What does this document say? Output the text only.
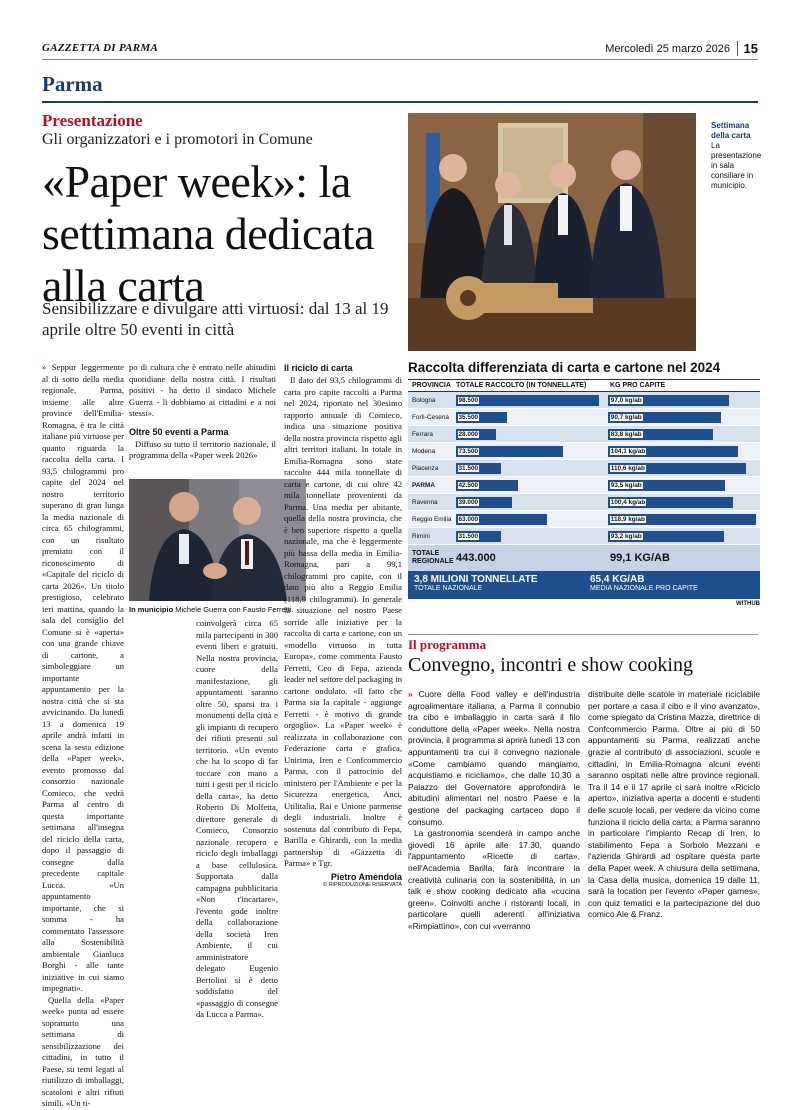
GAZZETTA DI PARMA	Mercoledì 25 marzo 2026	15
Parma
Presentazione
Gli organizzatori e i promotori in Comune
«Paper week»: la settimana dedicata alla carta
Sensibilizzare e divulgare atti virtuosi: dal 13 al 19 aprile oltre 50 eventi in città

» Seppur leggermente al di sotto della media regionale, Parma, insieme alle altre province dell'Emilia-Romagna, è tra le città italiane più virtuose per quanto riguarda la raccolta della carta. I 93,5 chilogrammi pro capite del 2024 nel nostro territorio superano di gran lunga la media nazionale di circa 65 chilogrammi, con un risultato premiato con il riconoscimento di «Capitale del riciclo di carta 2026». Un titolo prestigioso, celebrato ieri mattina, quando la sala del consiglio del Comune si è «aperta» con una grande chiave di cartone, a simboleggiare un importante appuntamento per la nostra città che si sta avvicinando. Da lunedì 13 a domenica 19 aprile andrà infatti in scena la sesta edizione della «Paper week», evento promosso dal consorzio nazionale Comieco, che vedrà Parma al centro di questa importante settimana all'insegna del riciclo della carta, dopo il passaggio di consegne dalla precedente capitale Lucca. «Un appuntamento importante, che si somma - ha commentato l'assessore alla Sostenibilità ambientale Gianluca Borghi - alle tante iniziative in cui siamo impegnati».

Quella della «Paper week» punta ad essere soprattutto una settimana di sensibilizzazione dei cittadini, in tutto il Paese, su temi legati al riutilizzo di imballaggi, scatoloni e altri rifiuti simili. «Un ti-

po di cultura che è entrato nelle abitudini quotidiane della nostra città. I risultati positivi - ha detto il sindaco Michele Guerra - li dobbiamo ai cittadini e a noi stessi».

Oltre 50 eventi a Parma

Diffuso su tutto il territorio nazionale, il programma della «Paper week 2026»

In municipio Michele Guerra con Fausto Ferretti.

coinvolgerà circa 65 mila partecipanti in 300 eventi liberi e gratuiti. Nella nostra provincia, cuore della manifestazione, gli appuntamenti saranno oltre 50, sparsi tra i monumenti della città e gli impianti di recupero dei rifiuti presenti sul territorio. «Un evento che ha lo scopo di far toccare con mano a tutti i gesti per il riciclo della carta», ha detto Roberto Di Molfetta, direttore generale di Comieco, Consorzio nazionale recupero e riciclo degli imballaggi a base cellulosica. Supportata dalla campagna pubblicitaria «Non t'incartare», l'evento gode inoltre della collaborazione della società Iren Ambiente, il cui amministratore delegato Eugenio Bertolini si è detto soddisfatto del «passaggio di consegne da Lucca a Parma».

Il riciclo di carta

Il dato dei 93,5 chilogrammi di carta pro capite raccolti a Parma nel 2024, riportato nel 30esimo rapporto annuale di Comieco, indica una situazione positiva della nostra provincia rispetto agli altri territori italiani. In totale in Emilia-Romagna sono state raccolte 444 mila tonnellate di carta e cartone, di cui oltre 42 mila tonnellate provenienti da Parma. Una media per abitante, quella della nostra provincia, che è ben superiore rispetto a quella nazionale, ma che è leggermente più bassa della media in Emilia-Romagna, pari a 99,1 chilogrammi pro capite, con il dato più alto a Reggio Emilia (118,9 chilogrammi). In generale la situazione nel nostro Paese sorride alle iniziative per la raccolta di carta e cartone, con un «modello virtuoso in tutta Europa», come commenta Fausto Ferretti, Ceo di Fepa, azienda leader nel settore del packaging in cartone ondulato. «Il fatto che Parma sia la capitale - aggiunge Ferretti - è motivo di grande orgoglio». La «Paper week» è realizzata in collaborazione con Federazione carta e grafica, Unirima, Iren e Confcommercio Parma, con il patrocinio del ministero per l'Ambiente e per la Sicurezza energetica, Anci, Utilitalia, Rai e Unione parmense degli industriali. Inoltre è sostenuta dal contributo di Fepa, Barilla e Ghirardi, con la media partnership di «Gazzetta di Parma» e Tgr.

Pietro Amendola

© RIPRODUZIONE RISERVATA

Settimana della carta
La presentazione in sala consiliare in municipio.
Raccolta differenziata di carta e cartone nel 2024
PROVINCIA TOTALE RACCOLTO (IN TONNELLATE)	KG PRO CAPITE
Bologna	98.500	97,0 kg/ab
Forlì-Cesena	35.500	90,7 kg/ab
Ferrara	28.000	83,8 kg/ab
Modena	73.500	104,1 kg/ab
Piacenza	31.500	110,6 kg/ab
PARMA	42.500	93,5 kg/ab
Ravenna	39.000	100,4 kg/ab
Reggio Emilia	63.000	118,9 kg/ab
Rimini	31.500	93,2 kg/ab
TOTALE REGIONALE 443.000	99,1 KG/AB
3,8 MILIONI TONNELLATE
TOTALE NAZIONALE
65,4 KG/AB
MEDIA NAZIONALE PRO CAPITE
WITHUB
Il programma
Convegno, incontri e show cooking

» Cuore della Food valley e dell'industria agroalimentare italiana, a Parma il connubio tra cibo e imballaggio in carta sarà il filo conduttore della «Paper week». Nella nostra provincia, il programma si aprirà lunedì 13 con appuntamenti tra cui il convegno nazionale «Come cambiamo quando mangiamo, acquistiamo e ricicliamo», che dalle 10.30 a Palazzo del Governatore approfondirà le abitudini alimentari nel nostro Paese e la gestione del packaging cartaceo dopo il consumo.

La gastronomia scenderà in campo anche giovedì 16 aprile alle 17.30, quando l'appuntamento «Ricette di carta», nell'Academia Barilla, farà incontrare la creatività culinaria con la sostenibilità, in un talk e show cooking dedicato alla «cucina green». Coinvolti anche i ristoranti locali, in particolare quelli aderenti all'iniziativa «Rimpiattino», con cui «verranno

distribuite delle scatole in materiale riciclabile per portare a casa il cibo e il vino avanzato», come spiegato da Cristina Mazza, direttrice di Confcommercio Parma. Oltre ai più di 50 appuntamenti su Parma, realizzati anche grazie al contributo di associazioni, scuole e cittadini, in Emilia-Romagna alcuni eventi saranno ospitati nelle altre province regionali. Tra il 14 e il 17 aprile ci sarà inoltre «Riciclo aperto», iniziativa aperta a docenti e studenti delle scuole locali, per vedere da vicino come funziona il riciclo della carta; a Parma saranno in particolare l'impianto Recap di Iren, lo stabilimento Fepa a Sorbolo Mezzani e l'azienda Ghirardi ad ospitare questa parte della Paper week. A chiusura della settimana, la Casa della musica, domenica 19 dalle 11, sarà la location per l'evento «Paper games», con quiz tematici e la partecipazione del duo comico Ale & Franz.
